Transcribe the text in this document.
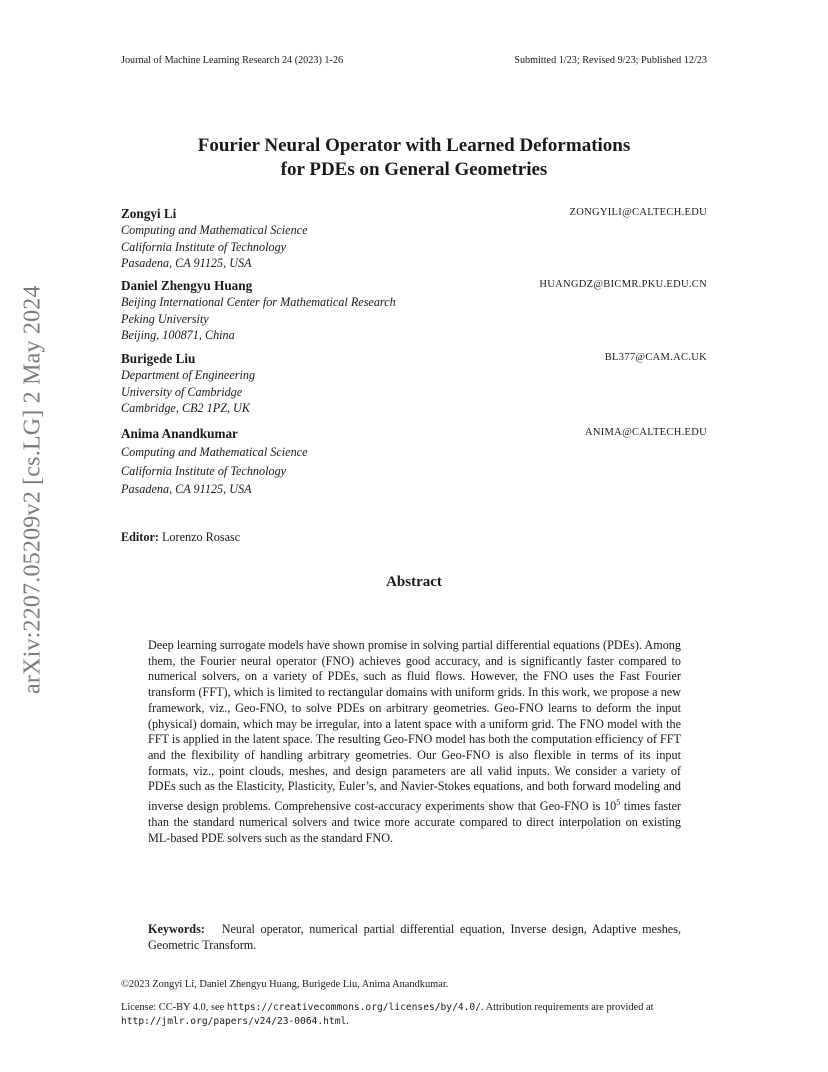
Journal of Machine Learning Research 24 (2023) 1-26	Submitted 1/23; Revised 9/23; Published 12/23
arXiv:2207.05209v2 [cs.LG] 2 May 2024
Fourier Neural Operator with Learned Deformations
for PDEs on General Geometries
Zongyi Li	ZONGYILI@CALTECH.EDU
Computing and Mathematical Science
California Institute of Technology
Pasadena, CA 91125, USA
Daniel Zhengyu Huang	HUANGDZ@BICMR.PKU.EDU.CN
Beijing International Center for Mathematical Research
Peking University
Beijing, 100871, China
Burigede Liu	BL377@CAM.AC.UK
Department of Engineering
University of Cambridge
Cambridge, CB2 1PZ, UK
Anima Anandkumar	ANIMA@CALTECH.EDU
Computing and Mathematical Science
California Institute of Technology
Pasadena, CA 91125, USA
Editor: Lorenzo Rosasc
Abstract
Deep learning surrogate models have shown promise in solving partial differential equations (PDEs). Among them, the Fourier neural operator (FNO) achieves good accuracy, and is significantly faster compared to numerical solvers, on a variety of PDEs, such as fluid flows. However, the FNO uses the Fast Fourier transform (FFT), which is limited to rectangular domains with uniform grids. In this work, we propose a new framework, viz., Geo-FNO, to solve PDEs on arbitrary geometries. Geo-FNO learns to deform the input (physical) domain, which may be irregular, into a latent space with a uniform grid. The FNO model with the FFT is applied in the latent space. The resulting Geo-FNO model has both the computation efficiency of FFT and the flexibility of handling arbitrary geometries. Our Geo-FNO is also flexible in terms of its input formats, viz., point clouds, meshes, and design parameters are all valid inputs. We consider a variety of PDEs such as the Elasticity, Plasticity, Euler’s, and Navier-Stokes equations, and both forward modeling and inverse design problems. Comprehensive cost-accuracy experiments show that Geo-FNO is $10^5$ times faster than the standard numerical solvers and twice more accurate compared to direct interpolation on existing ML-based PDE solvers such as the standard FNO.
Keywords: Neural operator, numerical partial differential equation, Inverse design, Adaptive meshes, Geometric Transform.
©2023 Zongyi Li, Daniel Zhengyu Huang, Burigede Liu, Anima Anandkumar.
License: CC-BY 4.0, see https://creativecommons.org/licenses/by/4.0/. Attribution requirements are provided at
http://jmlr.org/papers/v24/23-0064.html.
